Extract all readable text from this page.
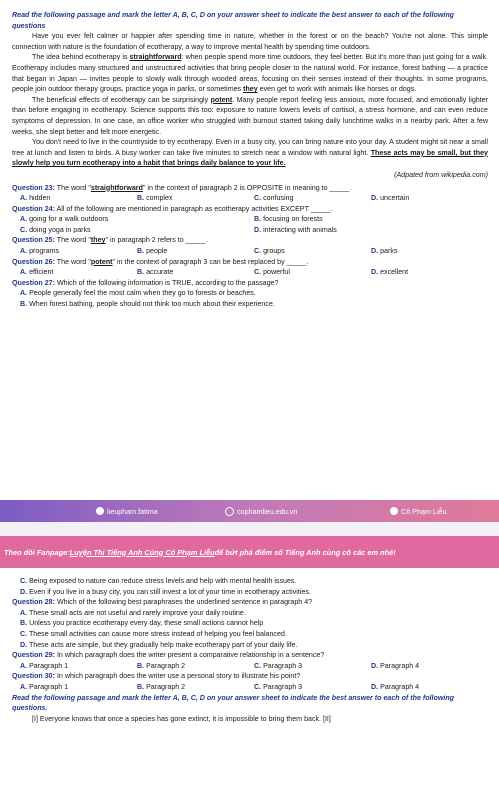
Read the following passage and mark the letter A, B, C, D on your answer sheet to indicate the best answer to each of the following questions

Have you ever felt calmer or happier after spending time in nature, whether in the forest or on the beach? You're not alone. This simple connection with nature is the foundation of ecotherapy, a way to improve mental health by spending time outdoors.

The idea behind ecotherapy is straightforward: when people spend more time outdoors, they feel better. But it's more than just going for a walk. Ecotherapy includes many structured and unstructured activities that bring people closer to the natural world. For instance, forest bathing — a practice that began in Japan — invites people to slowly walk through wooded areas, focusing on their senses instead of their thoughts. In some programs, people join outdoor therapy groups, practice yoga in parks, or sometimes they even get to work with animals like horses or dogs.

The beneficial effects of ecotherapy can be surprisingly potent. Many people report feeling less anxious, more focused, and emotionally lighter than before engaging in ecotherapy. Science supports this too: exposure to nature lowers levels of cortisol, a stress hormone, and can even reduce symptoms of depression. In one case, an office worker who struggled with burnout started taking daily lunchtime walks in a nearby park. After a few weeks, she slept better and felt more energetic.

You don't need to live in the countryside to try ecotherapy. Even in a busy city, you can bring nature into your day. A student might sit near a small tree at lunch and listen to birds. A busy worker can take five minutes to stretch near a window with natural light. These acts may be small, but they slowly help you turn ecotherapy into a habit that brings daily balance to your life.

(Adpated from wikipedia.com)

Question 23: The word "straightforward" in the context of paragraph 2 is OPPOSITE in meaning to _____.

A. hidden	B. complex	C. confusing	D. uncertain

Question 24: All of the following are mentioned in paragraph as ecotherapy activities EXCEPT _____.

A. going for a walk outdoors	B. focusing on forests
C. doing yoga in parks	D. interacting with animals

Question 25: The word "they" in paragraph 2 refers to _____.

A. programs	B. people	C. groups	D. parks

Question 26: The word "potent" in the context of paragraph 3 can be best replaced by _____.

A. efficient	B. accurate	C. powerful	D. excellent

Question 27: Which of the following information is TRUE, according to the passage?

A. People generally feel the most calm when they go to forests or beaches.

B. When forest bathing, people should not think too much about their experience.

lieupham.fatima	cophamlieu.edu.vn	Cô Phạm Liễu
Theo dõi Fanpage: Luyện Thi Tiếng Anh Cùng Cô Phạm Liễu để bứt phá điểm số Tiếng Anh cùng cô các em nhé!

C. Being exposed to nature can reduce stress levels and help with mental health issues.

D. Even if you live in a busy city, you can still invest a lot of your time in ecotherapy activities.

Question 28: Which of the following best paraphrases the underlined sentence in paragraph 4?

A. These small acts are not useful and rarely improve your daily routine.

B. Unless you practice ecotherapy every day, these small actions cannot help

C. These small activities can cause more stress instead of helping you feel balanced.

D. These acts are simple, but they gradually help make ecotherapy part of your daily life.

Question 29: In which paragraph does the writer present a comparative relationship in a sentence?

A. Paragraph 1	B. Paragraph 2	C. Paragraph 3	D. Paragraph 4

Question 30: In which paragraph does the writer use a personal story to illustrate his point?

A. Paragraph 1	B. Paragraph 2	C. Paragraph 3	D. Paragraph 4

Read the following passage and mark the letter A, B, C, D on your answer sheet to indicate the best answer to each of the following questions.

[I] Everyone knows that once a species has gone extinct, it is impossible to bring them back. [II]
